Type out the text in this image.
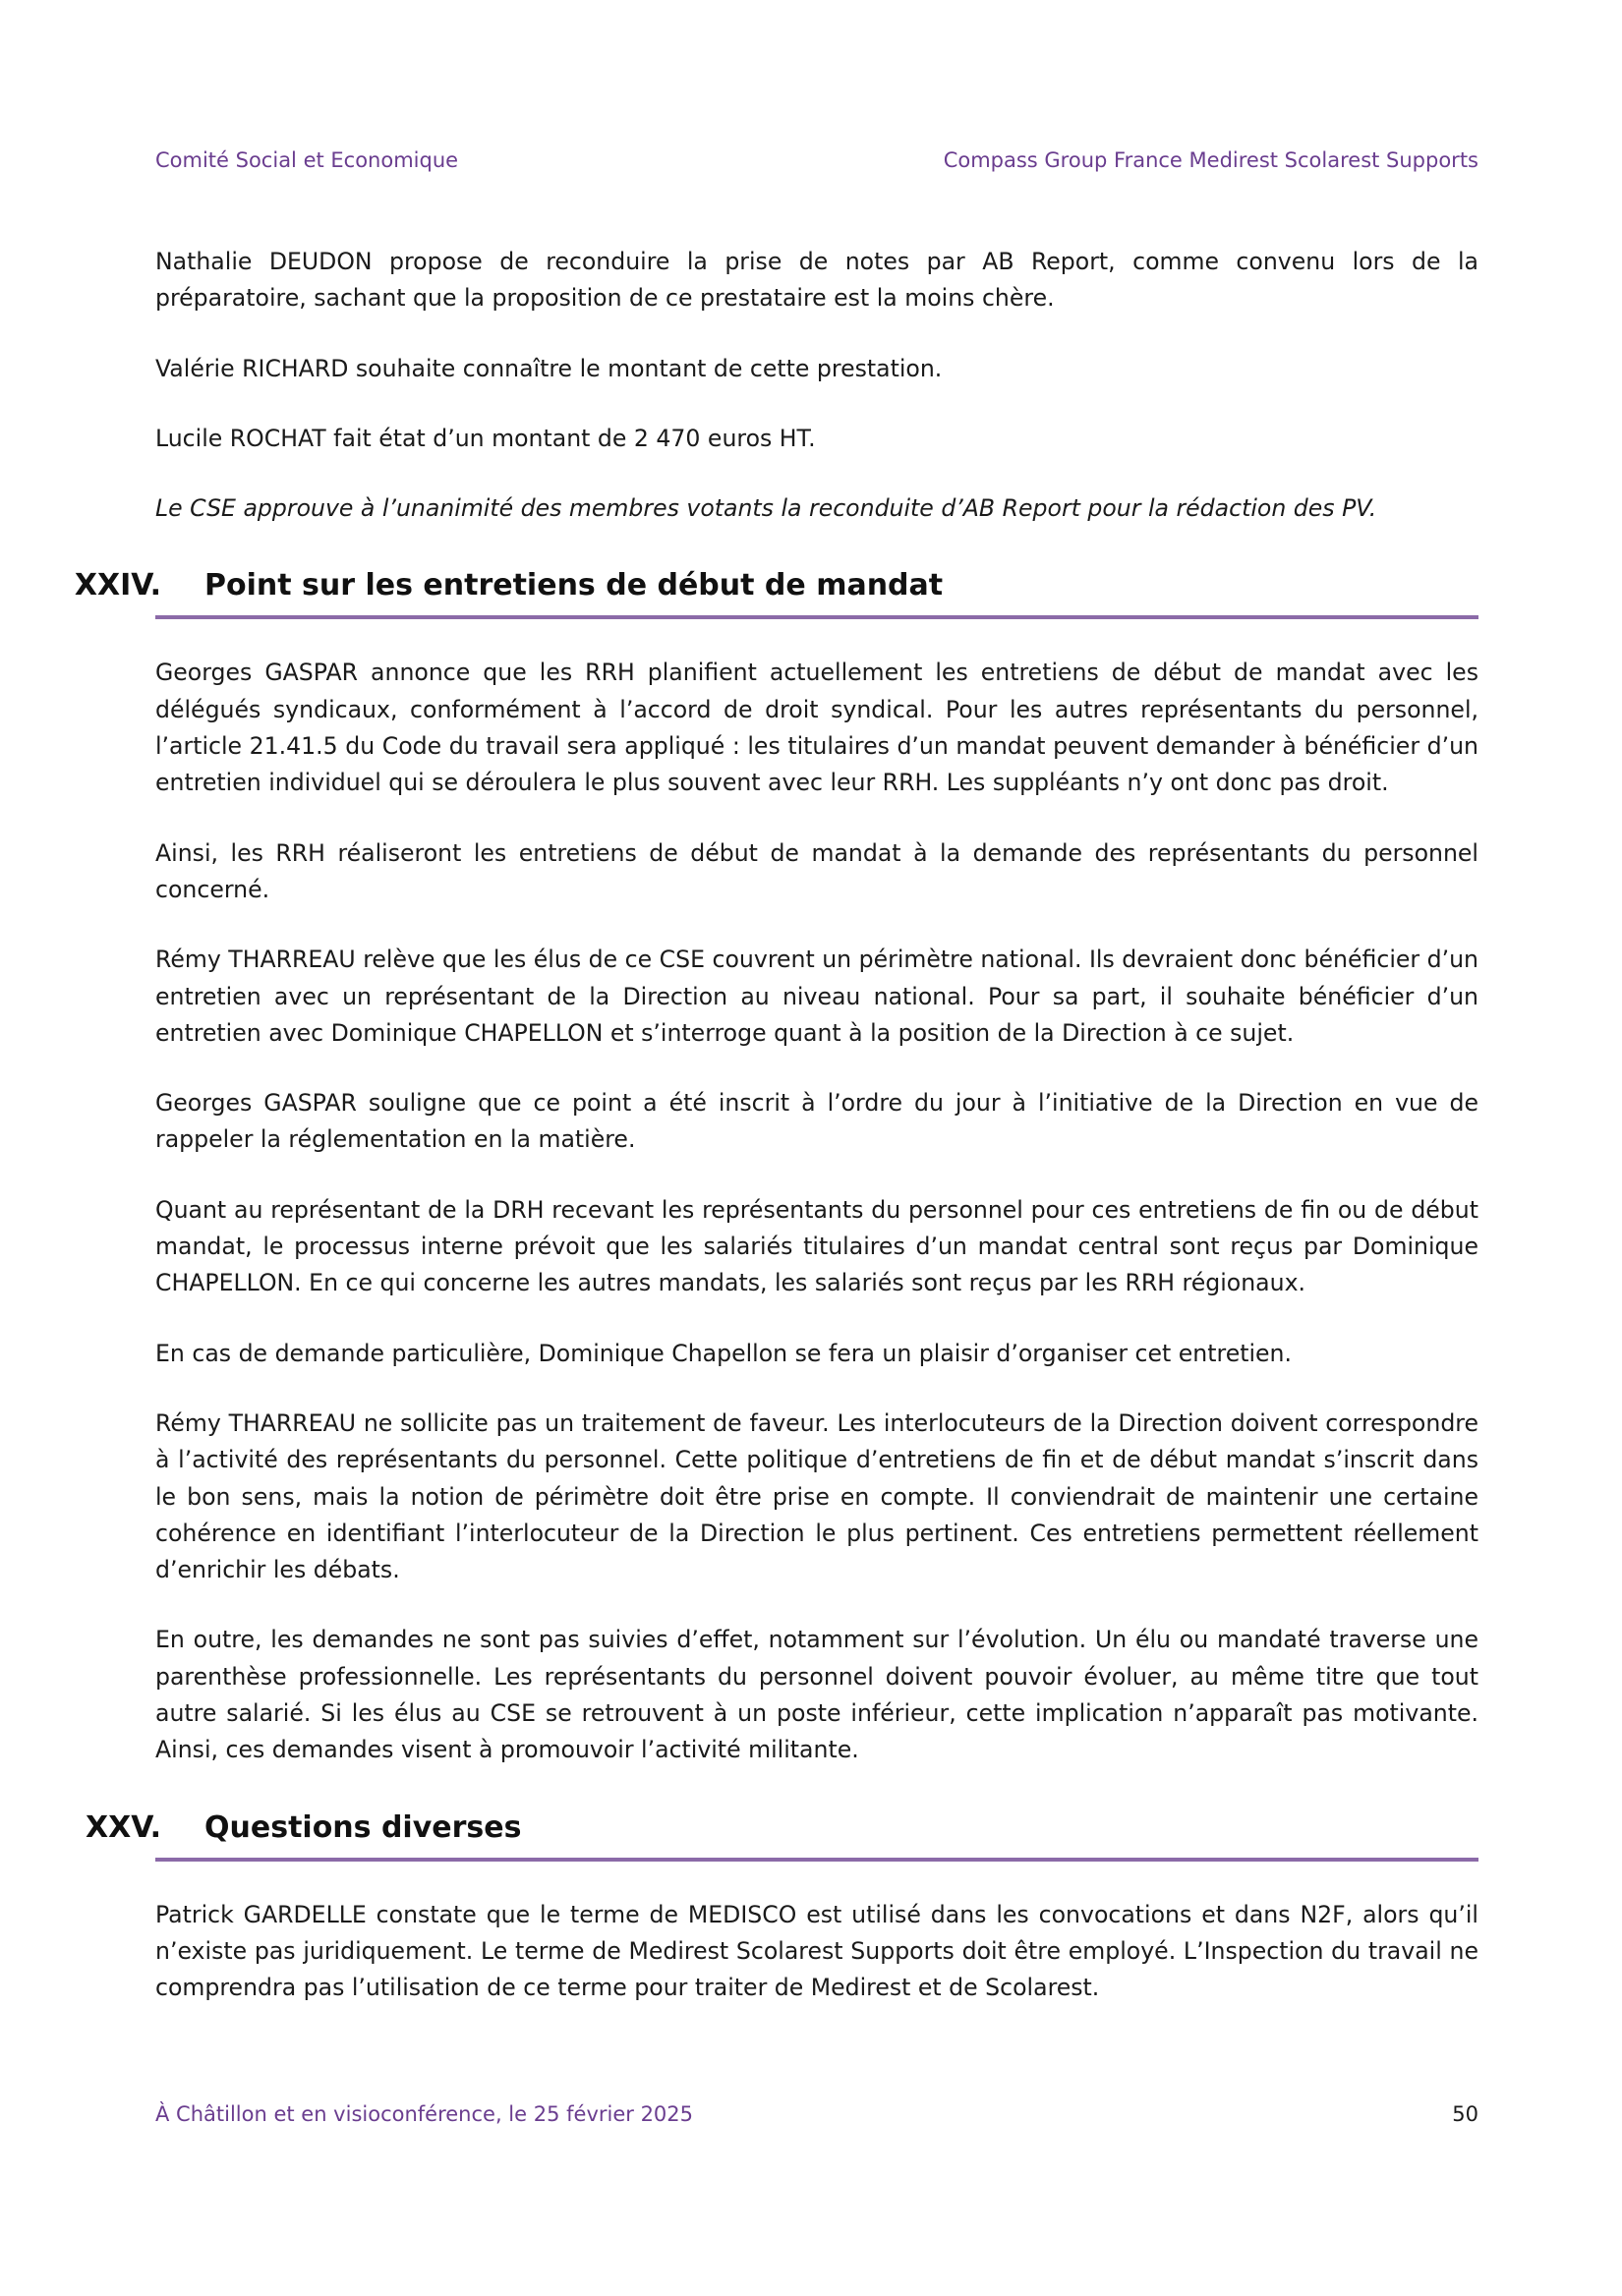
Comité Social et Economique	Compass Group France Medirest Scolarest Supports

Nathalie DEUDON propose de reconduire la prise de notes par AB Report, comme convenu lors de la préparatoire, sachant que la proposition de ce prestataire est la moins chère.

Valérie RICHARD souhaite connaître le montant de cette prestation.

Lucile ROCHAT fait état d’un montant de 2 470 euros HT.

Le CSE approuve à l’unanimité des membres votants la reconduite d’AB Report pour la rédaction des PV.

XXIV. Point sur les entretiens de début de mandat

Georges GASPAR annonce que les RRH planifient actuellement les entretiens de début de mandat avec les délégués syndicaux, conformément à l’accord de droit syndical. Pour les autres représentants du personnel, l’article 21.41.5 du Code du travail sera appliqué : les titulaires d’un mandat peuvent demander à bénéficier d’un entretien individuel qui se déroulera le plus souvent avec leur RRH. Les suppléants n’y ont donc pas droit.

Ainsi, les RRH réaliseront les entretiens de début de mandat à la demande des représentants du personnel concerné.

Rémy THARREAU relève que les élus de ce CSE couvrent un périmètre national. Ils devraient donc bénéficier d’un entretien avec un représentant de la Direction au niveau national. Pour sa part, il souhaite bénéficier d’un entretien avec Dominique CHAPELLON et s’interroge quant à la position de la Direction à ce sujet.

Georges GASPAR souligne que ce point a été inscrit à l’ordre du jour à l’initiative de la Direction en vue de rappeler la réglementation en la matière.

Quant au représentant de la DRH recevant les représentants du personnel pour ces entretiens de fin ou de début mandat, le processus interne prévoit que les salariés titulaires d’un mandat central sont reçus par Dominique CHAPELLON. En ce qui concerne les autres mandats, les salariés sont reçus par les RRH régionaux.

En cas de demande particulière, Dominique Chapellon se fera un plaisir d’organiser cet entretien.

Rémy THARREAU ne sollicite pas un traitement de faveur. Les interlocuteurs de la Direction doivent correspondre à l’activité des représentants du personnel. Cette politique d’entretiens de fin et de début mandat s’inscrit dans le bon sens, mais la notion de périmètre doit être prise en compte. Il conviendrait de maintenir une certaine cohérence en identifiant l’interlocuteur de la Direction le plus pertinent. Ces entretiens permettent réellement d’enrichir les débats.

En outre, les demandes ne sont pas suivies d’effet, notamment sur l’évolution. Un élu ou mandaté traverse une parenthèse professionnelle. Les représentants du personnel doivent pouvoir évoluer, au même titre que tout autre salarié. Si les élus au CSE se retrouvent à un poste inférieur, cette implication n’apparaît pas motivante. Ainsi, ces demandes visent à promouvoir l’activité militante.

XXV. Questions diverses

Patrick GARDELLE constate que le terme de MEDISCO est utilisé dans les convocations et dans N2F, alors qu’il n’existe pas juridiquement. Le terme de Medirest Scolarest Supports doit être employé. L’Inspection du travail ne comprendra pas l’utilisation de ce terme pour traiter de Medirest et de Scolarest.

À Châtillon et en visioconférence, le 25 février 2025	50
